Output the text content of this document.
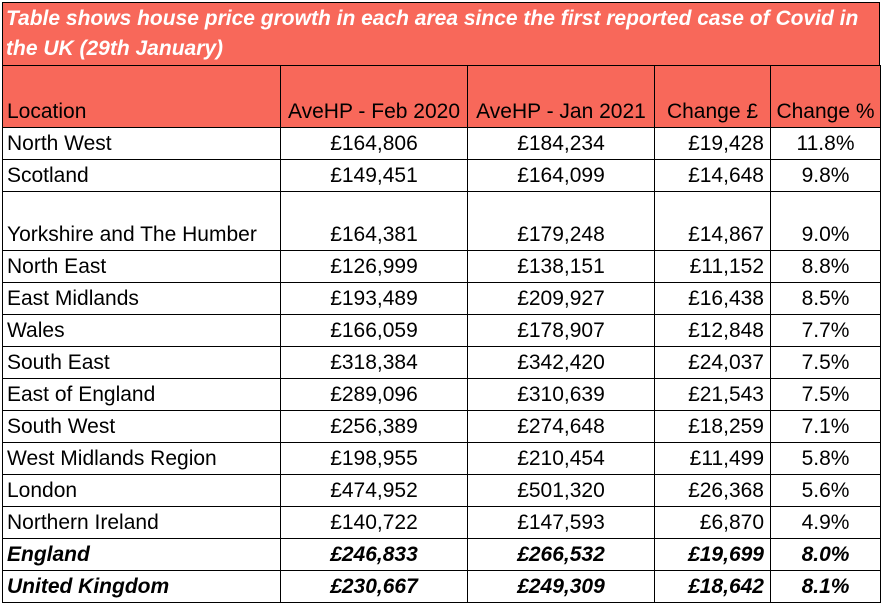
Table shows house price growth in each area since the first reported case of Covid in the UK (29th January)
Location	AveHP - Feb 2020	AveHP - Jan 2021	Change £	Change %
North West	£164,806	£184,234	£19,428	11.8%
Scotland	£149,451	£164,099	£14,648	9.8%
Yorkshire and The Humber	£164,381	£179,248	£14,867	9.0%
North East	£126,999	£138,151	£11,152	8.8%
East Midlands	£193,489	£209,927	£16,438	8.5%
Wales	£166,059	£178,907	£12,848	7.7%
South East	£318,384	£342,420	£24,037	7.5%
East of England	£289,096	£310,639	£21,543	7.5%
South West	£256,389	£274,648	£18,259	7.1%
West Midlands Region	£198,955	£210,454	£11,499	5.8%
London	£474,952	£501,320	£26,368	5.6%
Northern Ireland	£140,722	£147,593	£6,870	4.9%
England	£246,833	£266,532	£19,699	8.0%
United Kingdom	£230,667	£249,309	£18,642	8.1%
